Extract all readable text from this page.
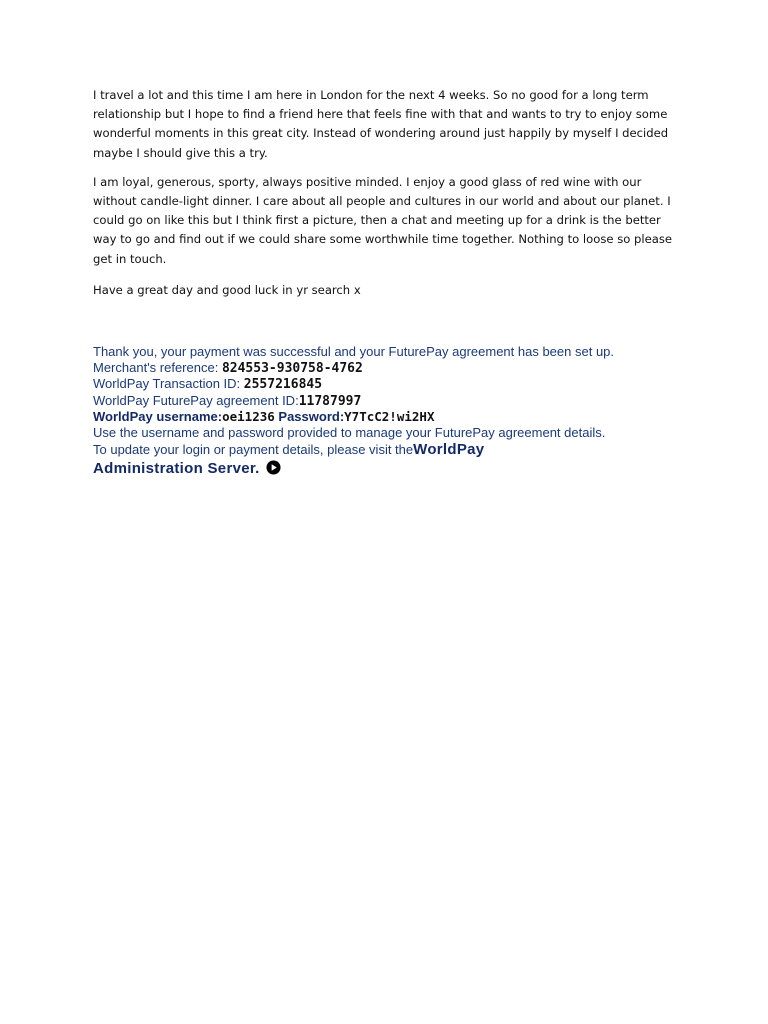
I travel a lot and this time I am here in London for the next 4 weeks. So no good for a long term relationship but I hope to find a friend here that feels fine with that and wants to try to enjoy some wonderful moments in this great city. Instead of wondering around just happily by myself I decided maybe I should give this a try.

I am loyal, generous, sporty, always positive minded. I enjoy a good glass of red wine with our without candle-light dinner. I care about all people and cultures in our world and about our planet. I could go on like this but I think first a picture, then a chat and meeting up for a drink is the better way to go and find out if we could share some worthwhile time together. Nothing to loose so please get in touch.

Have a great day and good luck in yr search x

Thank you, your payment was successful and your FuturePay agreement has been set up.
Merchant's reference: 824553-930758-4762
WorldPay Transaction ID: 2557216845
WorldPay FuturePay agreement ID:11787997
WorldPay username:oei1236 Password:Y7TcC2!wi2HX
Use the username and password provided to manage your FuturePay agreement details.
To update your login or payment details, please visit theWorldPay
Administration Server.
